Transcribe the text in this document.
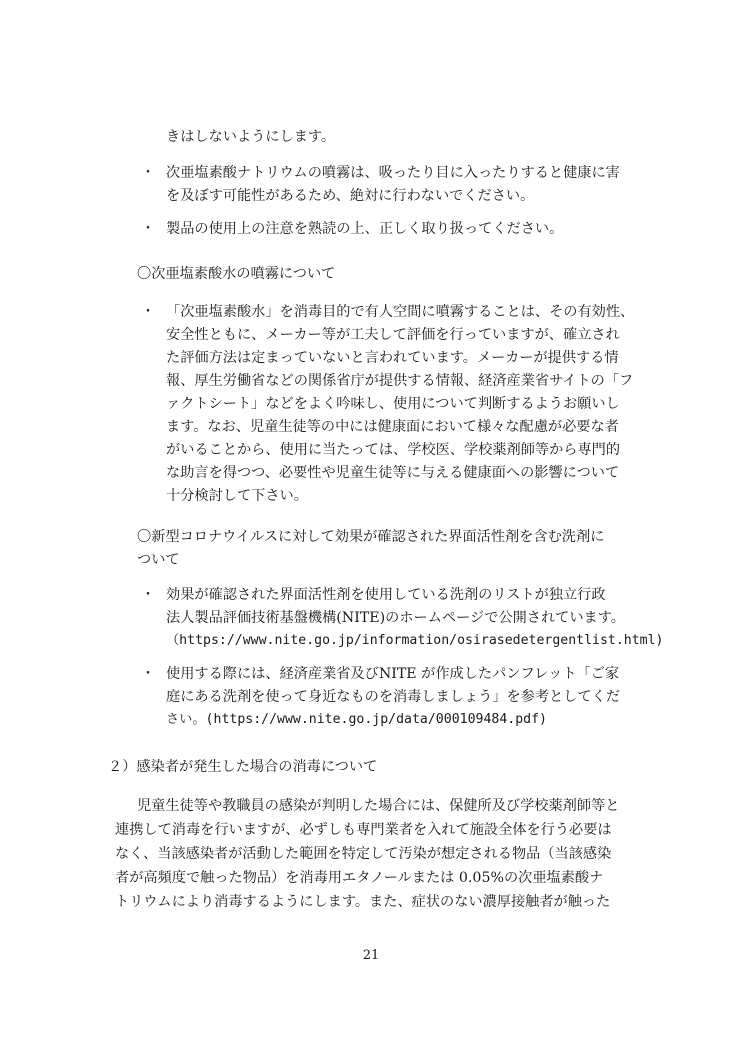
きはしないようにします。
・ 次亜塩素酸ナトリウムの噴霧は、吸ったり目に入ったりすると健康に害
を及ぼす可能性があるため、絶対に行わないでください。
・ 製品の使用上の注意を熟読の上、正しく取り扱ってください。
〇次亜塩素酸水の噴霧について
・ 「次亜塩素酸水」を消毒目的で有人空間に噴霧することは、その有効性、
安全性ともに、メーカー等が工夫して評価を行っていますが、確立され
た評価方法は定まっていないと言われています。メーカーが提供する情
報、厚生労働省などの関係省庁が提供する情報、経済産業省サイトの「フ
ァクトシート」などをよく吟味し、使用について判断するようお願いし
ます。なお、児童生徒等の中には健康面において様々な配慮が必要な者
がいることから、使用に当たっては、学校医、学校薬剤師等から専門的
な助言を得つつ、必要性や児童生徒等に与える健康面への影響について
十分検討して下さい。
〇新型コロナウイルスに対して効果が確認された界面活性剤を含む洗剤に
ついて
・ 効果が確認された界面活性剤を使用している洗剤のリストが独立行政
法人製品評価技術基盤機構(NITE)のホームページで公開されています。
（https://www.nite.go.jp/information/osirasedetergentlist.html)
・ 使用する際には、経済産業省及びNITE が作成したパンフレット「ご家
庭にある洗剤を使って身近なものを消毒しましょう」を参考としてくだ
さい。(https://www.nite.go.jp/data/000109484.pdf)
２）感染者が発生した場合の消毒について
児童生徒等や教職員の感染が判明した場合には、保健所及び学校薬剤師等と
連携して消毒を行いますが、必ずしも専門業者を入れて施設全体を行う必要は
なく、当該感染者が活動した範囲を特定して汚染が想定される物品（当該感染
者が高頻度で触った物品）を消毒用エタノールまたは 0.05%の次亜塩素酸ナ
トリウムにより消毒するようにします。また、症状のない濃厚接触者が触った
21
